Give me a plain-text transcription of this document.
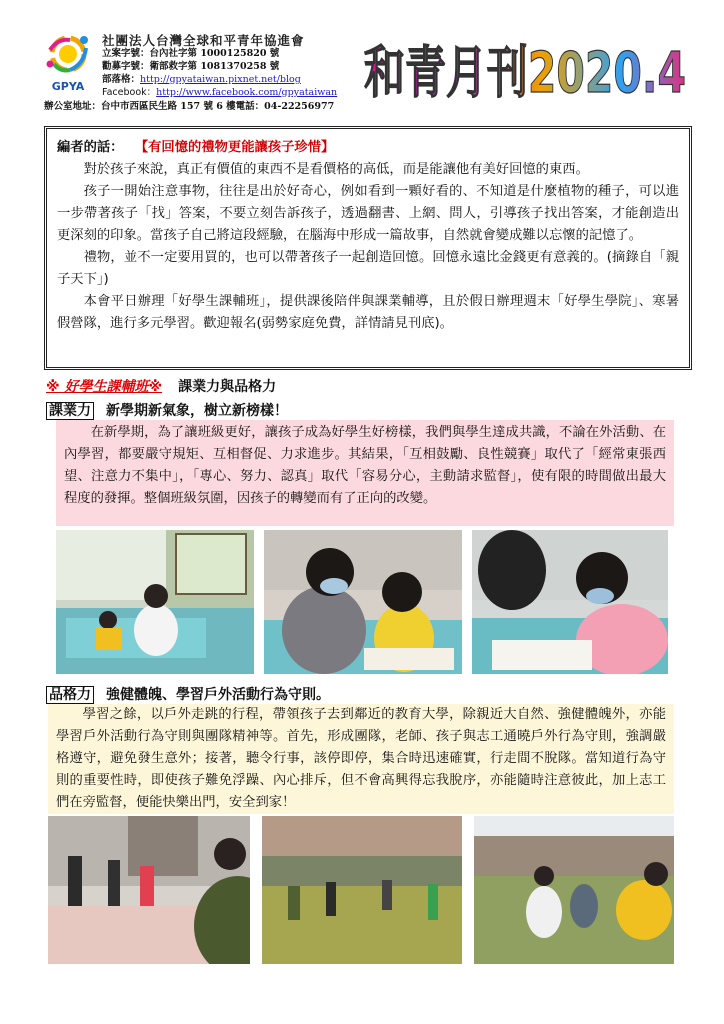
GPYA
社團法人台灣全球和平青年協進會
立案字號：台內社字第 1000125820 號
勸募字號：衛部救字第 1081370258 號
部落格：http://gpyataiwan.pixnet.net/blog
Facebook：http://www.facebook.com/gpyataiwan
辦公室地址：台中市西區民生路 157 號 6 樓電話：04-22256977
和青月刊2020.4
編者的話： 【有回憶的禮物更能讓孩子珍惜】

對於孩子來說，真正有價值的東西不是看價格的高低，而是能讓他有美好回憶的東西。

孩子一開始注意事物，往往是出於好奇心，例如看到一顆好看的、不知道是什麼植物的種子，可以進一步帶著孩子「找」答案，不要立刻告訴孩子，透過翻書、上網、問人，引導孩子找出答案，才能創造出更深刻的印象。當孩子自己將這段經驗，在腦海中形成一篇故事，自然就會變成難以忘懷的記憶了。

禮物，並不一定要用買的，也可以帶著孩子一起創造回憶。回憶永遠比金錢更有意義的。(摘錄自「親子天下」)

本會平日辦理「好學生課輔班」，提供課後陪伴與課業輔導，且於假日辦理週末「好學生學院」、寒暑假營隊，進行多元學習。歡迎報名(弱勢家庭免費，詳情請見刊底)。

※ 好學生課輔班※ 課業力與品格力
課業力 新學期新氣象，樹立新榜樣！

在新學期，為了讓班級更好，讓孩子成為好學生好榜樣，我們與學生達成共識，不論在外活動、在內學習，都要嚴守規矩、互相督促、力求進步。其結果，「互相鼓勵、良性競賽」取代了「經常東張西望、注意力不集中」，「專心、努力、認真」取代「容易分心，主動請求監督」，使有限的時間做出最大程度的發揮。整個班級氛圍，因孩子的轉變而有了正向的改變。

品格力 強健體魄、學習戶外活動行為守則。

學習之餘，以戶外走跳的行程，帶領孩子去到鄰近的教育大學，除親近大自然、強健體魄外，亦能學習戶外活動行為守則與團隊精神等。首先，形成團隊，老師、孩子與志工通曉戶外行為守則，強調嚴格遵守，避免發生意外；接著，聽令行事，該停即停，集合時迅速確實，行走間不脫隊。當知道行為守則的重要性時，即使孩子難免浮躁、內心排斥，但不會高興得忘我脫序，亦能隨時注意彼此，加上志工們在旁監督，便能快樂出門，安全到家！
